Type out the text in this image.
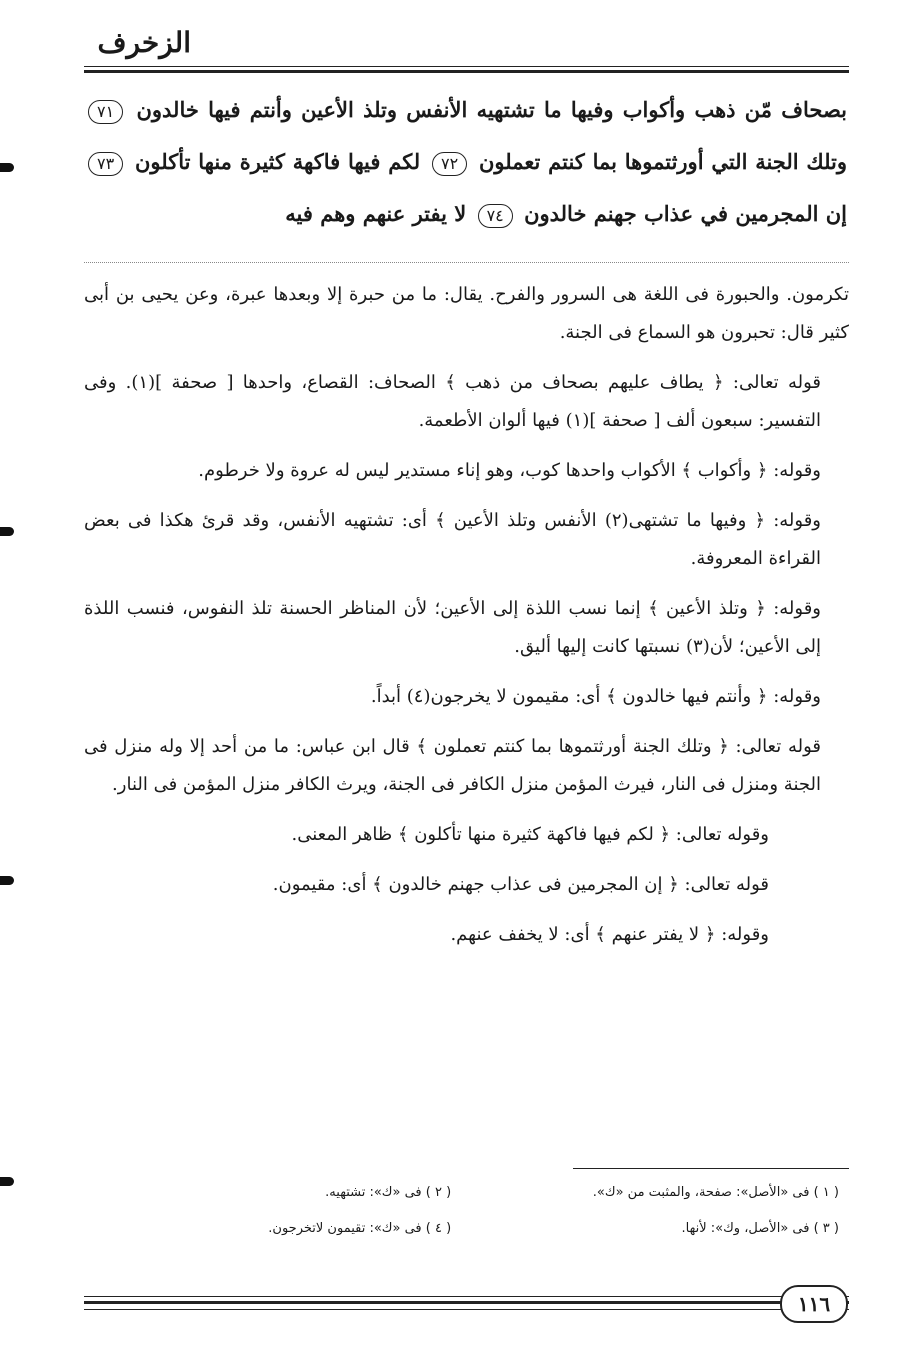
الزخرف
بصحاف مّن ذهب وأكواب وفيها ما تشتهيه الأنفس وتلذ الأعين وأنتم فيها خالدون ٧١ وتلك الجنة التي أورثتموها بما كنتم تعملون ٧٢ لكم فيها فاكهة كثيرة منها تأكلون ٧٣ إن المجرمين في عذاب جهنم خالدون ٧٤ لا يفتر عنهم وهم فيه

تكرمون. والحبورة فى اللغة هى السرور والفرح. يقال: ما من حبرة إلا وبعدها عبرة، وعن يحيى بن أبى كثير قال: تحبرون هو السماع فى الجنة.

قوله تعالى: ﴿ يطاف عليهم بصحاف من ذهب ﴾ الصحاف: القصاع، واحدها [ صحفة ](١). وفى التفسير: سبعون ألف [ صحفة ](١) فيها ألوان الأطعمة.

وقوله: ﴿ وأكواب ﴾ الأكواب واحدها كوب، وهو إناء مستدير ليس له عروة ولا خرطوم.

وقوله: ﴿ وفيها ما تشتهى(٢) الأنفس وتلذ الأعين ﴾ أى: تشتهيه الأنفس، وقد قرئ هكذا فى بعض القراءة المعروفة.

وقوله: ﴿ وتلذ الأعين ﴾ إنما نسب اللذة إلى الأعين؛ لأن المناظر الحسنة تلذ النفوس، فنسب اللذة إلى الأعين؛ لأن(٣) نسبتها كانت إليها أليق.

وقوله: ﴿ وأنتم فيها خالدون ﴾ أى: مقيمون لا يخرجون(٤) أبداً.

قوله تعالى: ﴿ وتلك الجنة أورثتموها بما كنتم تعملون ﴾ قال ابن عباس: ما من أحد إلا وله منزل فى الجنة ومنزل فى النار، فيرث المؤمن منزل الكافر فى الجنة، ويرث الكافر منزل المؤمن فى النار.

وقوله تعالى: ﴿ لكم فيها فاكهة كثيرة منها تأكلون ﴾ ظاهر المعنى.

قوله تعالى: ﴿ إن المجرمين فى عذاب جهنم خالدون ﴾ أى: مقيمون.

وقوله: ﴿ لا يفتر عنهم ﴾ أى: لا يخفف عنهم.

( ١ ) فى «الأصل»: صفحة، والمثبت من «ك».
( ٢ ) فى «ك»: تشتهيه.
( ٣ ) فى «الأصل، وك»: لأنها.
( ٤ ) فى «ك»: تقيمون لاتخرجون.
١١٦
